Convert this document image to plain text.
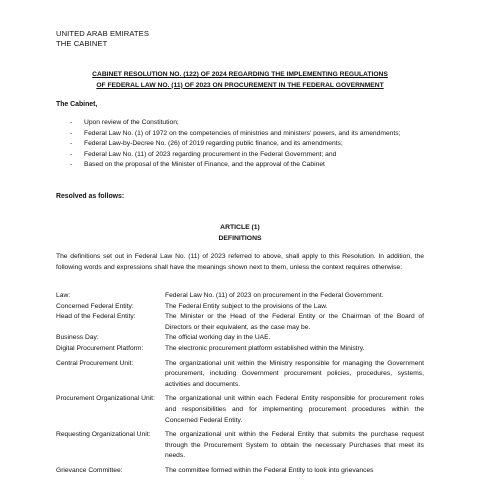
UNITED ARAB EMIRATES
THE CABINET
CABINET RESOLUTION NO. (122) OF 2024 REGARDING THE IMPLEMENTING REGULATIONS
OF FEDERAL LAW NO. (11) OF 2023 ON PROCUREMENT IN THE FEDERAL GOVERNMENT
The Cabinet,
- Upon review of the Constitution;
- Federal Law No. (1) of 1972 on the competencies of ministries and ministers’ powers, and its amendments;
- Federal Law-by-Decree No. (26) of 2019 regarding public finance, and its amendments;
- Federal Law No. (11) of 2023 regarding procurement in the Federal Government; and
- Based on the proposal of the Minister of Finance, and the approval of the Cabinet
Resolved as follows:
ARTICLE (1)
DEFINITIONS
The definitions set out in Federal Law No. (11) of 2023 referred to above, shall apply to this Resolution. In addition, the following words and expressions shall have the meanings shown next to them, unless the context requires otherwise:
Law:	Federal Law No. (11) of 2023 on procurement in the Federal Government.
Concerned Federal Entity:	The Federal Entity subject to the provisions of the Law.
Head of the Federal Entity:	The Minister or the Head of the Federal Entity or the Chairman of the Board of Directors or their equivalent, as the case may be.
Business Day:	The official working day in the UAE.
Digital Procurement Platform:	The electronic procurement platform established within the Ministry.
Central Procurement Unit:	The organizational unit within the Ministry responsible for managing the Government procurement, including Government procurement policies, procedures, systems, activities and documents.
Procurement Organizational Unit:	The organizational unit within each Federal Entity responsible for procurement roles and responsibilities and for implementing procurement procedures within the Concerned Federal Entity.
Requesting Organizational Unit:	The organizational unit within the Federal Entity that submits the purchase request through the Procurement System to obtain the necessary Purchases that meet its needs.
Grievance Committee:	The committee formed within the Federal Entity to look into grievances
